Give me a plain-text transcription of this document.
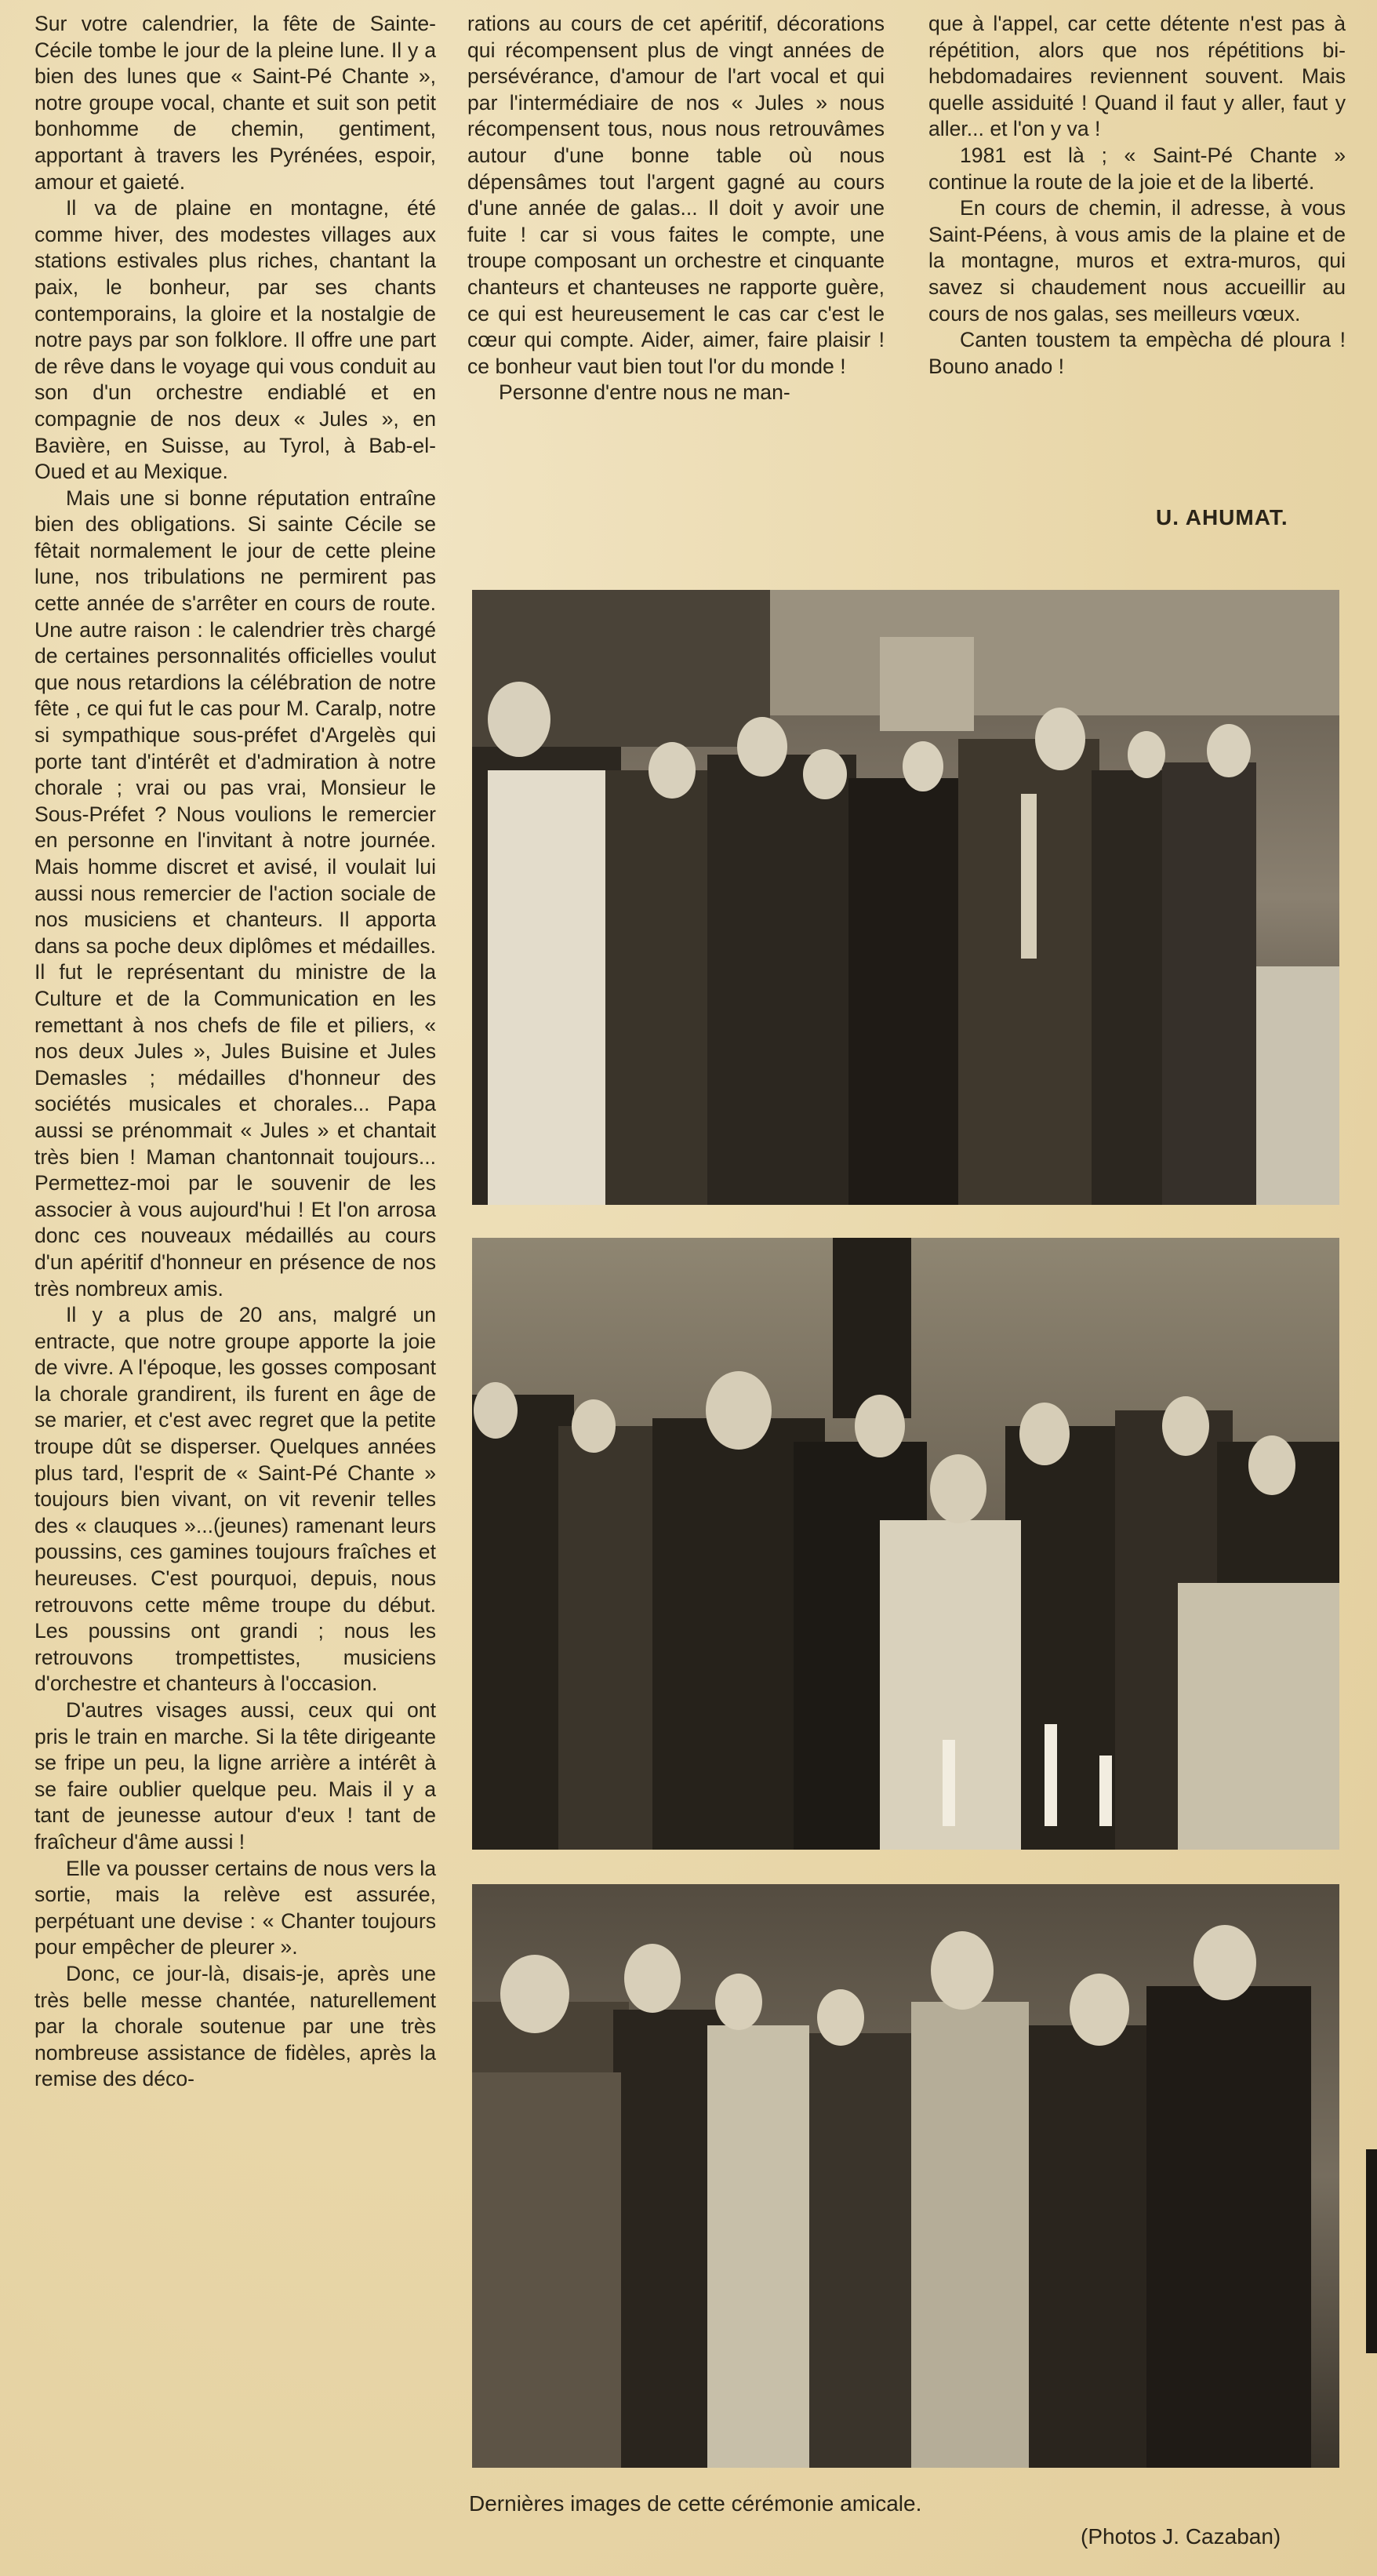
Sur votre calendrier, la fête de Sainte-Cécile tombe le jour de la pleine lune. Il y a bien des lunes que « Saint-Pé Chante », notre groupe vocal, chante et suit son petit bonhomme de chemin, gentiment, apportant à travers les Pyrénées, espoir, amour et gaieté.

Il va de plaine en montagne, été comme hiver, des modestes villages aux stations estivales plus riches, chantant la paix, le bonheur, par ses chants contemporains, la gloire et la nostalgie de notre pays par son folklore. Il offre une part de rêve dans le voyage qui vous conduit au son d'un orchestre endiablé et en compagnie de nos deux « Jules », en Bavière, en Suisse, au Tyrol, à Bab-el-Oued et au Mexique.

Mais une si bonne réputation entraîne bien des obligations. Si sainte Cécile se fêtait normalement le jour de cette pleine lune, nos tribulations ne permirent pas cette année de s'arrêter en cours de route. Une autre raison : le calendrier très chargé de certaines personnalités officielles voulut que nous retardions la célébration de notre fête , ce qui fut le cas pour M. Caralp, notre si sympathique sous-préfet d'Argelès qui porte tant d'intérêt et d'admiration à notre chorale ; vrai ou pas vrai, Monsieur le Sous-Préfet ? Nous voulions le remercier en personne en l'invitant à notre journée. Mais homme discret et avisé, il voulait lui aussi nous remercier de l'action sociale de nos musiciens et chanteurs. Il apporta dans sa poche deux diplômes et médailles. Il fut le représentant du ministre de la Culture et de la Communication en les remettant à nos chefs de file et piliers, « nos deux Jules », Jules Buisine et Jules Demasles ; médailles d'honneur des sociétés musicales et chorales... Papa aussi se prénommait « Jules » et chantait très bien ! Maman chantonnait toujours... Permettez-moi par le souvenir de les associer à vous aujourd'hui ! Et l'on arrosa donc ces nouveaux médaillés au cours d'un apéritif d'honneur en présence de nos très nombreux amis.

Il y a plus de 20 ans, malgré un entracte, que notre groupe apporte la joie de vivre. A l'époque, les gosses composant la chorale grandirent, ils furent en âge de se marier, et c'est avec regret que la petite troupe dût se disperser. Quelques années plus tard, l'esprit de « Saint-Pé Chante » toujours bien vivant, on vit revenir telles des « clauques »...(jeunes) ramenant leurs poussins, ces gamines toujours fraîches et heureuses. C'est pourquoi, depuis, nous retrouvons cette même troupe du début. Les poussins ont grandi ; nous les retrouvons trompettistes, musiciens d'orchestre et chanteurs à l'occasion.

D'autres visages aussi, ceux qui ont pris le train en marche. Si la tête dirigeante se fripe un peu, la ligne arrière a intérêt à se faire oublier quelque peu. Mais il y a tant de jeunesse autour d'eux ! tant de fraîcheur d'âme aussi !

Elle va pousser certains de nous vers la sortie, mais la relève est assurée, perpétuant une devise : « Chanter toujours pour empêcher de pleurer ».

Donc, ce jour-là, disais-je, après une très belle messe chantée, naturellement par la chorale soutenue par une très nombreuse assistance de fidèles, après la remise des déco-

rations au cours de cet apéritif, décorations qui récompensent plus de vingt années de persévérance, d'amour de l'art vocal et qui par l'intermédiaire de nos « Jules » nous récompensent tous, nous nous retrouvâmes autour d'une bonne table où nous dépensâmes tout l'argent gagné au cours d'une année de galas... Il doit y avoir une fuite ! car si vous faites le compte, une troupe composant un orchestre et cinquante chanteurs et chanteuses ne rapporte guère, ce qui est heureusement le cas car c'est le cœur qui compte. Aider, aimer, faire plaisir ! ce bonheur vaut bien tout l'or du monde !

Personne d'entre nous ne man-

que à l'appel, car cette détente n'est pas à répétition, alors que nos répétitions bi-hebdomadaires reviennent souvent. Mais quelle assiduité ! Quand il faut y aller, faut y aller... et l'on y va !

1981 est là ; « Saint-Pé Chante » continue la route de la joie et de la liberté.

En cours de chemin, il adresse, à vous Saint-Péens, à vous amis de la plaine et de la montagne, muros et extra-muros, qui savez si chaudement nous accueillir au cours de nos galas, ses meilleurs vœux.

Canten toustem ta empècha dé ploura ! Bouno anado !

U. AHUMAT.
Dernières images de cette cérémonie amicale.
(Photos J. Cazaban)
